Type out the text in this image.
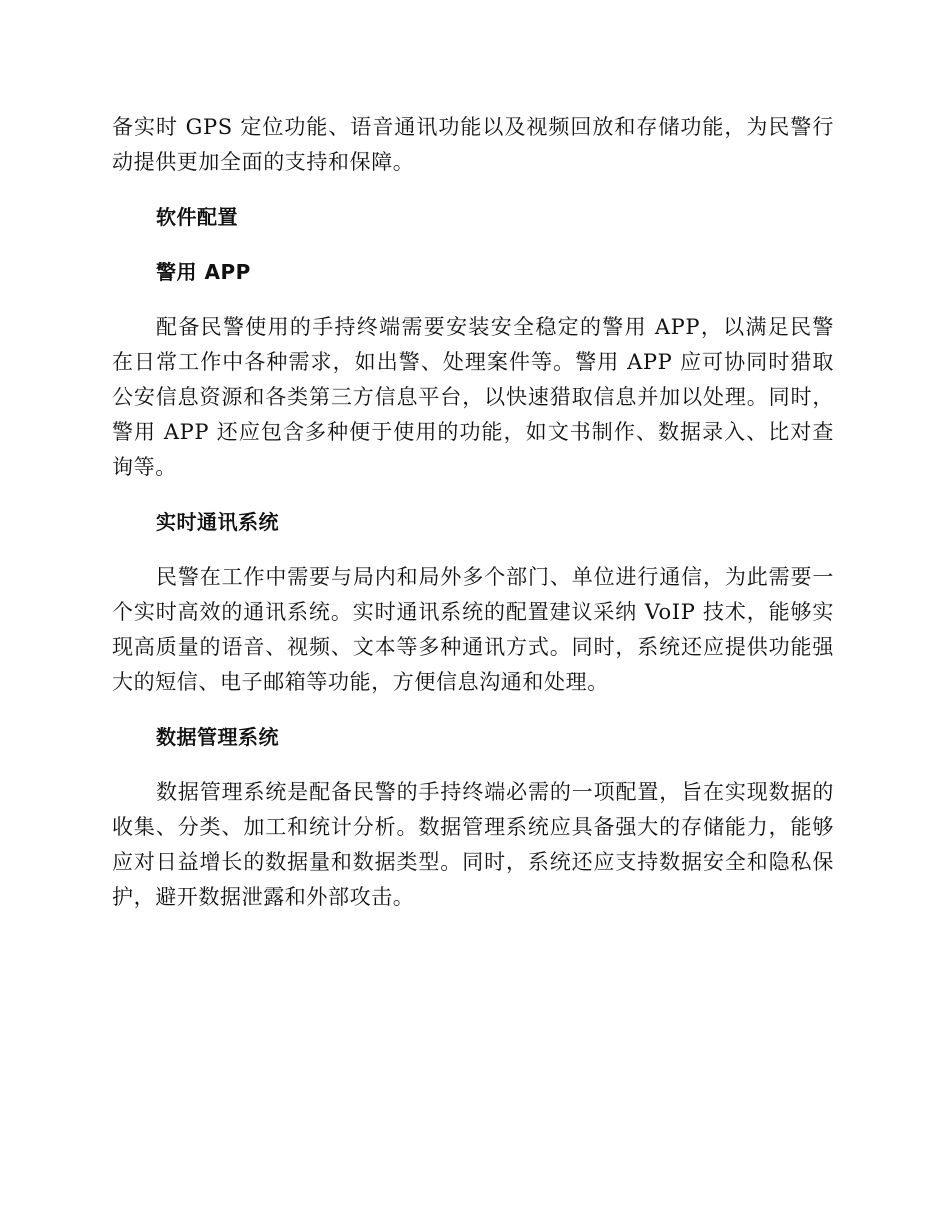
备实时 GPS 定位功能、语音通讯功能以及视频回放和存储功能，为民警行动提供更加全面的支持和保障。

软件配置
警用 APP

配备民警使用的手持终端需要安装安全稳定的警用 APP，以满足民警在日常工作中各种需求，如出警、处理案件等。警用 APP 应可协同时猎取公安信息资源和各类第三方信息平台，以快速猎取信息并加以处理。同时，警用 APP 还应包含多种便于使用的功能，如文书制作、数据录入、比对查询等。

实时通讯系统

民警在工作中需要与局内和局外多个部门、单位进行通信，为此需要一个实时高效的通讯系统。实时通讯系统的配置建议采纳 VoIP 技术，能够实现高质量的语音、视频、文本等多种通讯方式。同时，系统还应提供功能强大的短信、电子邮箱等功能，方便信息沟通和处理。

数据管理系统

数据管理系统是配备民警的手持终端必需的一项配置，旨在实现数据的收集、分类、加工和统计分析。数据管理系统应具备强大的存储能力，能够应对日益增长的数据量和数据类型。同时，系统还应支持数据安全和隐私保护，避开数据泄露和外部攻击。
